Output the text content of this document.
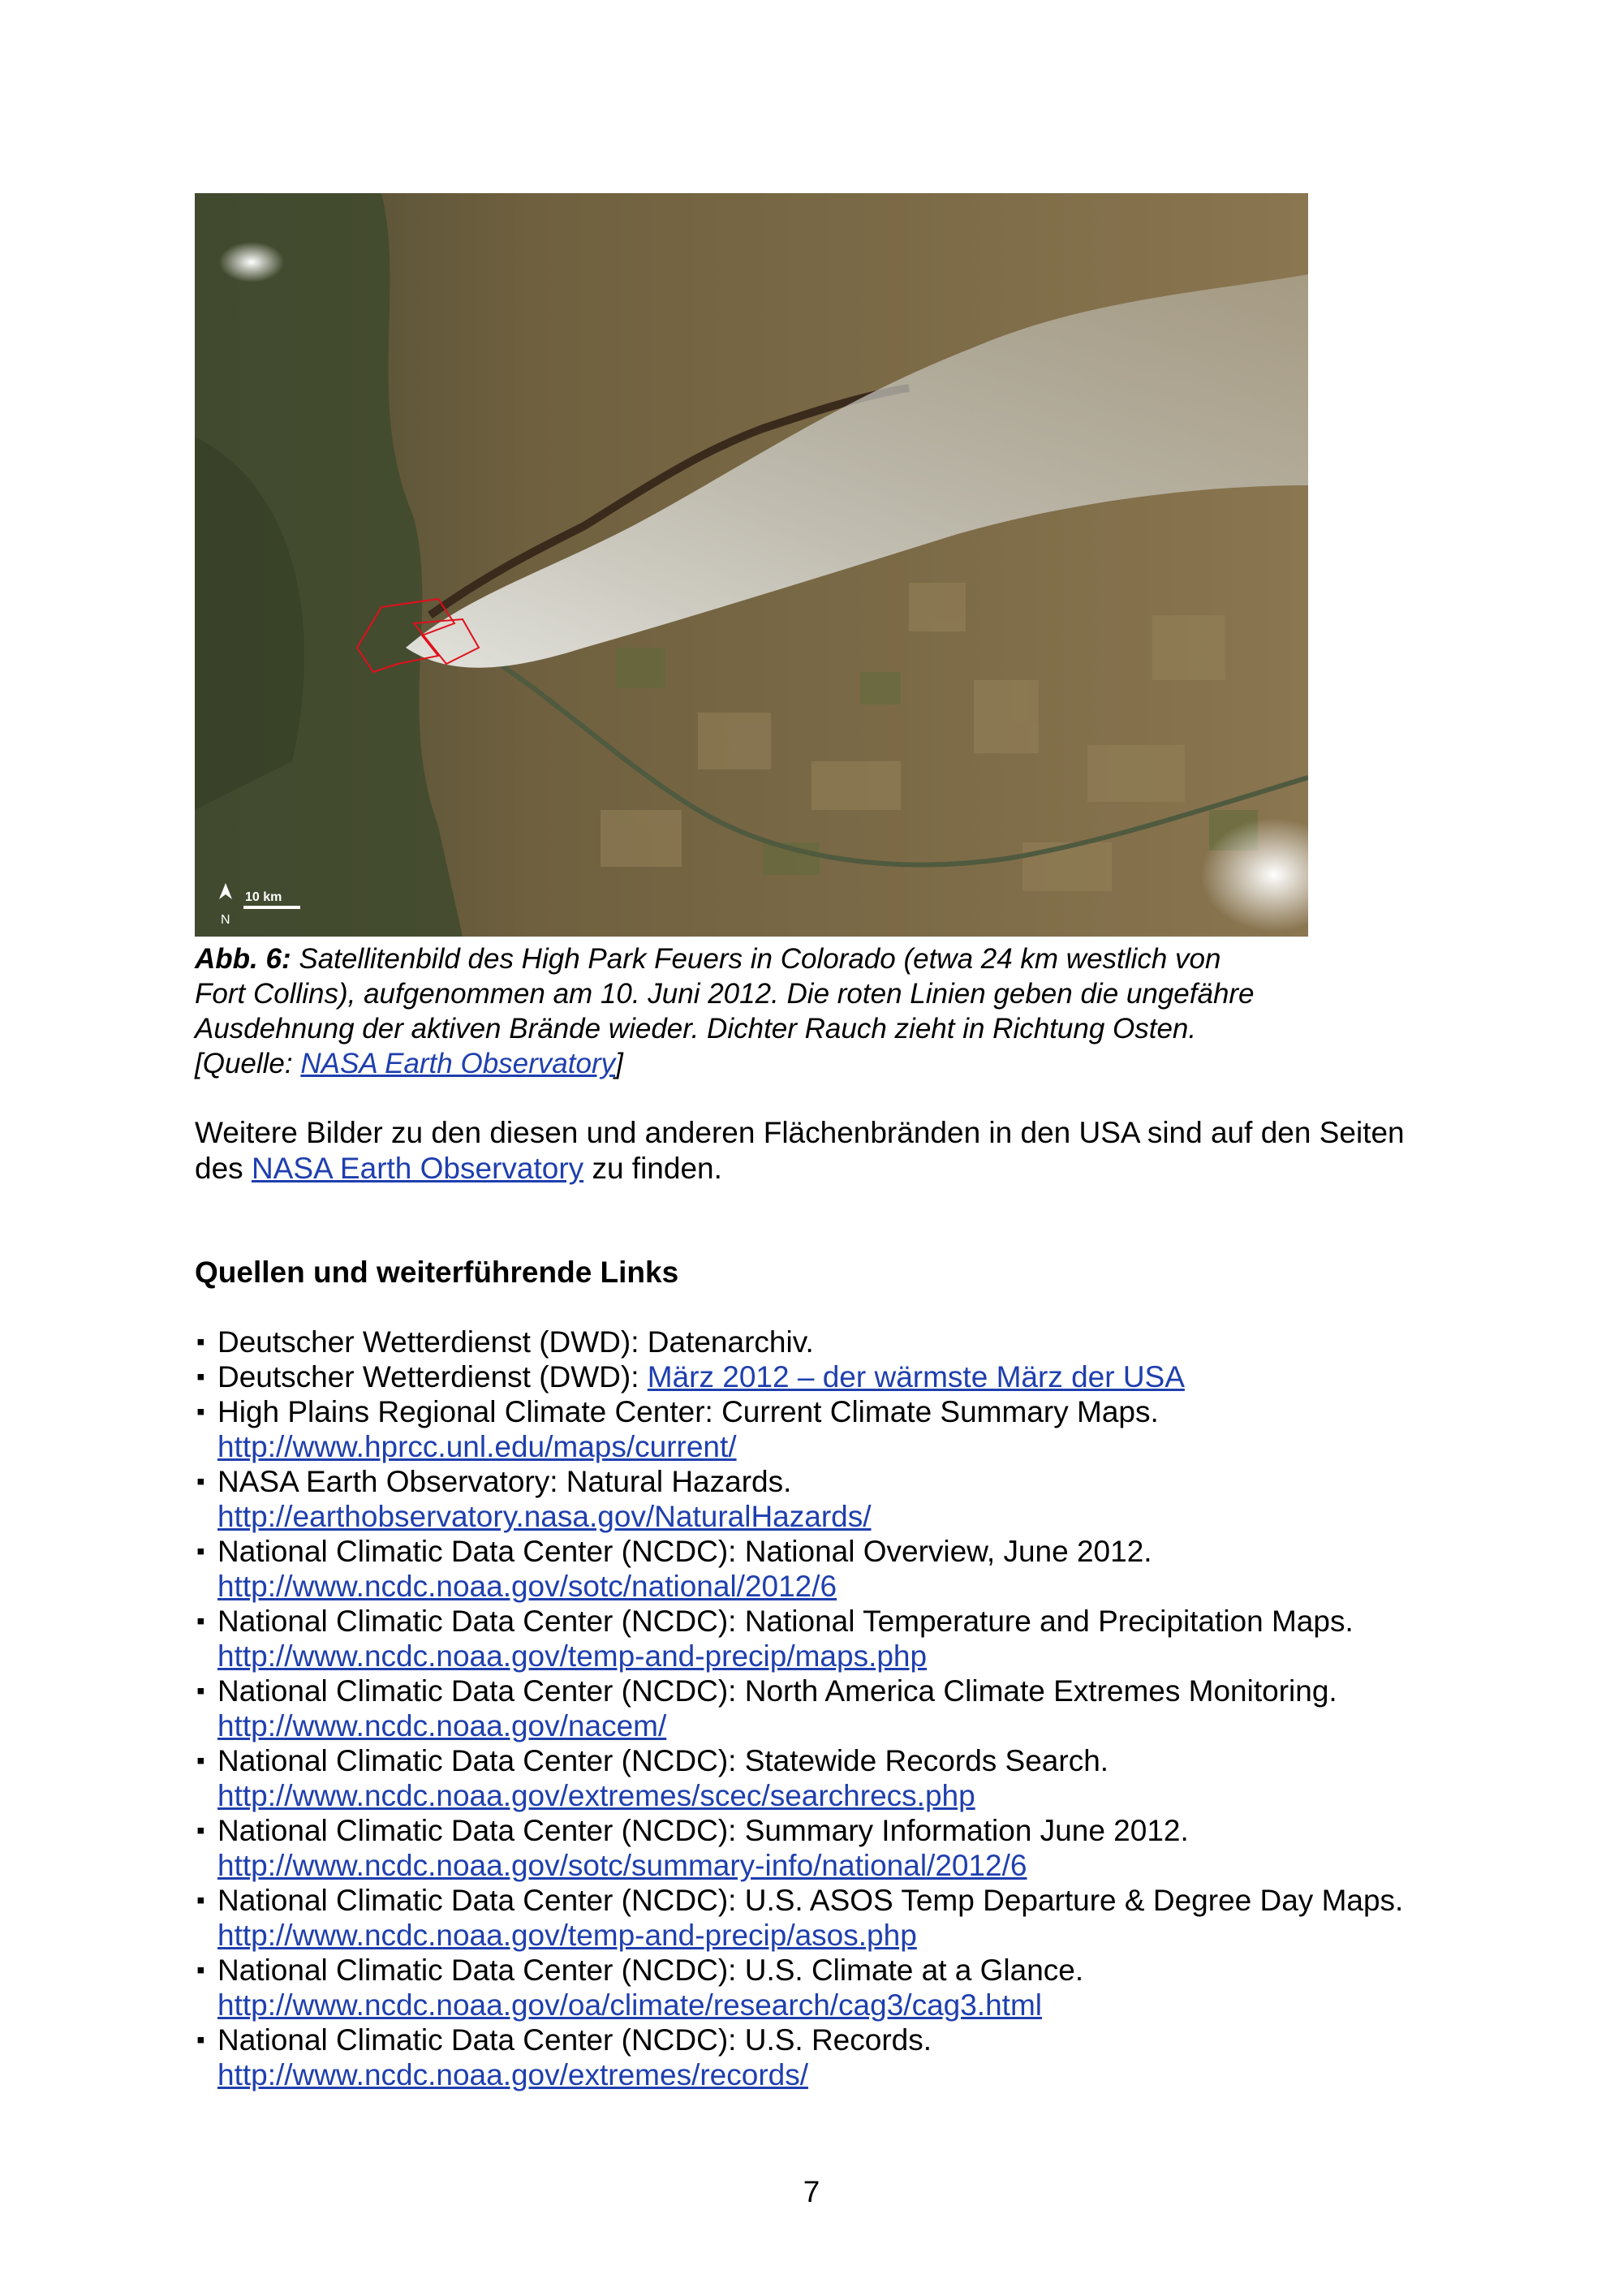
N
10 km
Abb. 6: Satellitenbild des High Park Feuers in Colorado (etwa 24 km westlich von
Fort Collins), aufgenommen am 10. Juni 2012. Die roten Linien geben die ungefähre
Ausdehnung der aktiven Brände wieder. Dichter Rauch zieht in Richtung Osten.
[Quelle: NASA Earth Observatory]
Weitere Bilder zu den diesen und anderen Flächenbränden in den USA sind auf den Seiten
des NASA Earth Observatory zu finden.
Quellen und weiterführende Links
▪ Deutscher Wetterdienst (DWD): Datenarchiv.
▪ Deutscher Wetterdienst (DWD): März 2012 – der wärmste März der USA
▪ High Plains Regional Climate Center: Current Climate Summary Maps.
http://www.hprcc.unl.edu/maps/current/
▪ NASA Earth Observatory: Natural Hazards.
http://earthobservatory.nasa.gov/NaturalHazards/
▪ National Climatic Data Center (NCDC): National Overview, June 2012.
http://www.ncdc.noaa.gov/sotc/national/2012/6
▪ National Climatic Data Center (NCDC): National Temperature and Precipitation Maps.
http://www.ncdc.noaa.gov/temp-and-precip/maps.php
▪ National Climatic Data Center (NCDC): North America Climate Extremes Monitoring.
http://www.ncdc.noaa.gov/nacem/
▪ National Climatic Data Center (NCDC): Statewide Records Search.
http://www.ncdc.noaa.gov/extremes/scec/searchrecs.php
▪ National Climatic Data Center (NCDC): Summary Information June 2012.
http://www.ncdc.noaa.gov/sotc/summary-info/national/2012/6
▪ National Climatic Data Center (NCDC): U.S. ASOS Temp Departure & Degree Day Maps.
http://www.ncdc.noaa.gov/temp-and-precip/asos.php
▪ National Climatic Data Center (NCDC): U.S. Climate at a Glance.
http://www.ncdc.noaa.gov/oa/climate/research/cag3/cag3.html
▪ National Climatic Data Center (NCDC): U.S. Records.
http://www.ncdc.noaa.gov/extremes/records/
7
